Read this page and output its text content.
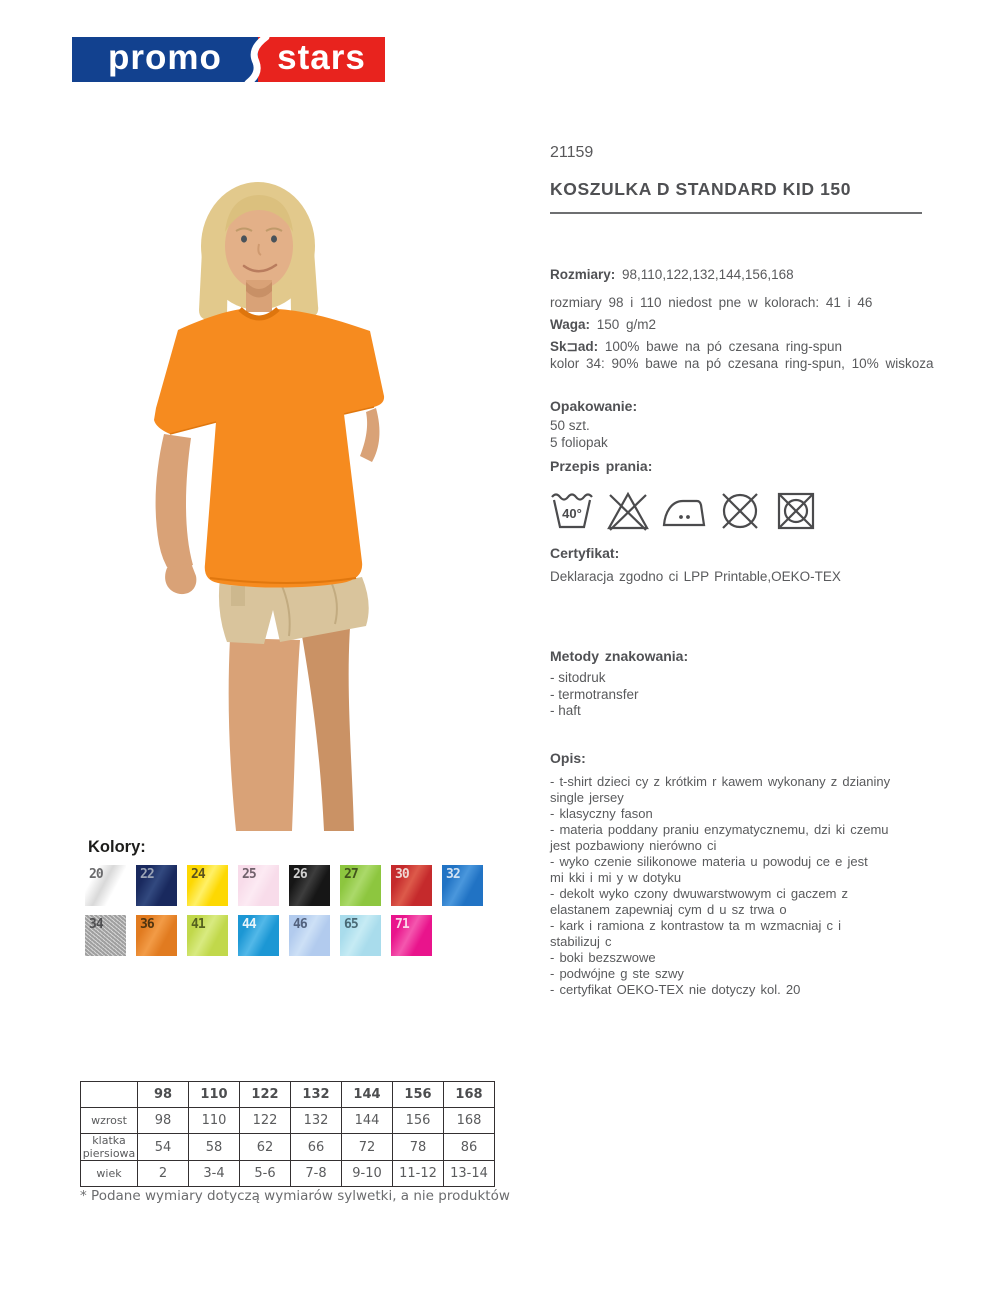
promo	stars
21159
KOSZULKA D STANDARD KID 150
Rozmiary: 98,110,122,132,144,156,168
rozmiary 98 i 110 niedost pne w kolorach: 41 i 46
Waga: 150 g/m2
Sk⊐ad: 100% bawe na pó czesana ring-spun
kolor 34: 90% bawe na pó czesana ring-spun, 10% wiskoza
Opakowanie:
50 szt.
5 foliopak
Przepis prania:
40°
Certyfikat:
Deklaracja zgodno ci LPP Printable,OEKO-TEX
Metody znakowania:
- sitodruk
- termotransfer
- haft
Opis:
- t-shirt dzieci cy z krótkim r kawem wykonany z dzianiny
single jersey
- klasyczny fason
- materia poddany praniu enzymatycznemu, dzi ki czemu
jest pozbawiony nierówno ci
- wyko czenie silikonowe materia u powoduj ce e jest
mi kki i mi y w dotyku
- dekolt wyko czony dwuwarstwowym ci gaczem z
elastanem zapewniaj cym d u sz trwa o
- kark i ramiona z kontrastow ta m wzmacniaj c i
stabilizuj c
- boki bezszwowe
- podwójne g ste szwy
- certyfikat OEKO-TEX nie dotyczy kol. 20
Kolory:
20	22	24	25	26	27	30	32
34	36	41	44	46	65	71
	98	110	122	132	144	156	168
wzrost	98	110	122	132	144	156	168
klatka piersiowa	54	58	62	66	72	78	86
wiek	2	3-4	5-6	7-8	9-10	11-12	13-14
* Podane wymiary dotyczą wymiarów sylwetki, a nie produktów
